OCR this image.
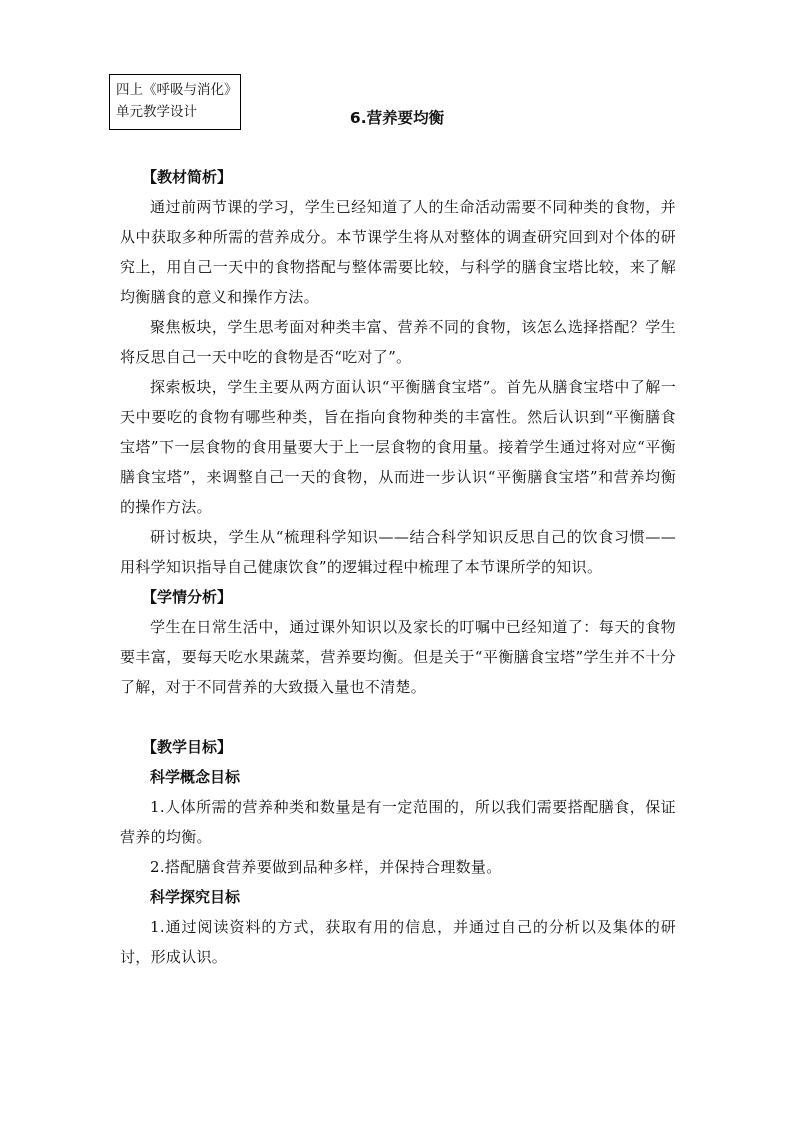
四上《呼吸与消化》
单元教学设计	6.营养要均衡
【教材简析】

通过前两节课的学习，学生已经知道了人的生命活动需要不同种类的食物，并从中获取多种所需的营养成分。本节课学生将从对整体的调查研究回到对个体的研究上，用自己一天中的食物搭配与整体需要比较，与科学的膳食宝塔比较，来了解均衡膳食的意义和操作方法。

聚焦板块，学生思考面对种类丰富、营养不同的食物，该怎么选择搭配？学生将反思自己一天中吃的食物是否“吃对了”。

探索板块，学生主要从两方面认识“平衡膳食宝塔”。首先从膳食宝塔中了解一天中要吃的食物有哪些种类，旨在指向食物种类的丰富性。然后认识到“平衡膳食宝塔”下一层食物的食用量要大于上一层食物的食用量。接着学生通过将对应“平衡膳食宝塔”，来调整自己一天的食物，从而进一步认识“平衡膳食宝塔”和营养均衡的操作方法。

研讨板块，学生从“梳理科学知识——结合科学知识反思自己的饮食习惯——用科学知识指导自己健康饮食”的逻辑过程中梳理了本节课所学的知识。

【学情分析】

学生在日常生活中，通过课外知识以及家长的叮嘱中已经知道了：每天的食物要丰富，要每天吃水果蔬菜，营养要均衡。但是关于“平衡膳食宝塔”学生并不十分了解，对于不同营养的大致摄入量也不清楚。

【教学目标】
科学概念目标

1.人体所需的营养种类和数量是有一定范围的，所以我们需要搭配膳食，保证营养的均衡。

2.搭配膳食营养要做到品种多样，并保持合理数量。

科学探究目标

1.通过阅读资料的方式，获取有用的信息，并通过自己的分析以及集体的研讨，形成认识。
